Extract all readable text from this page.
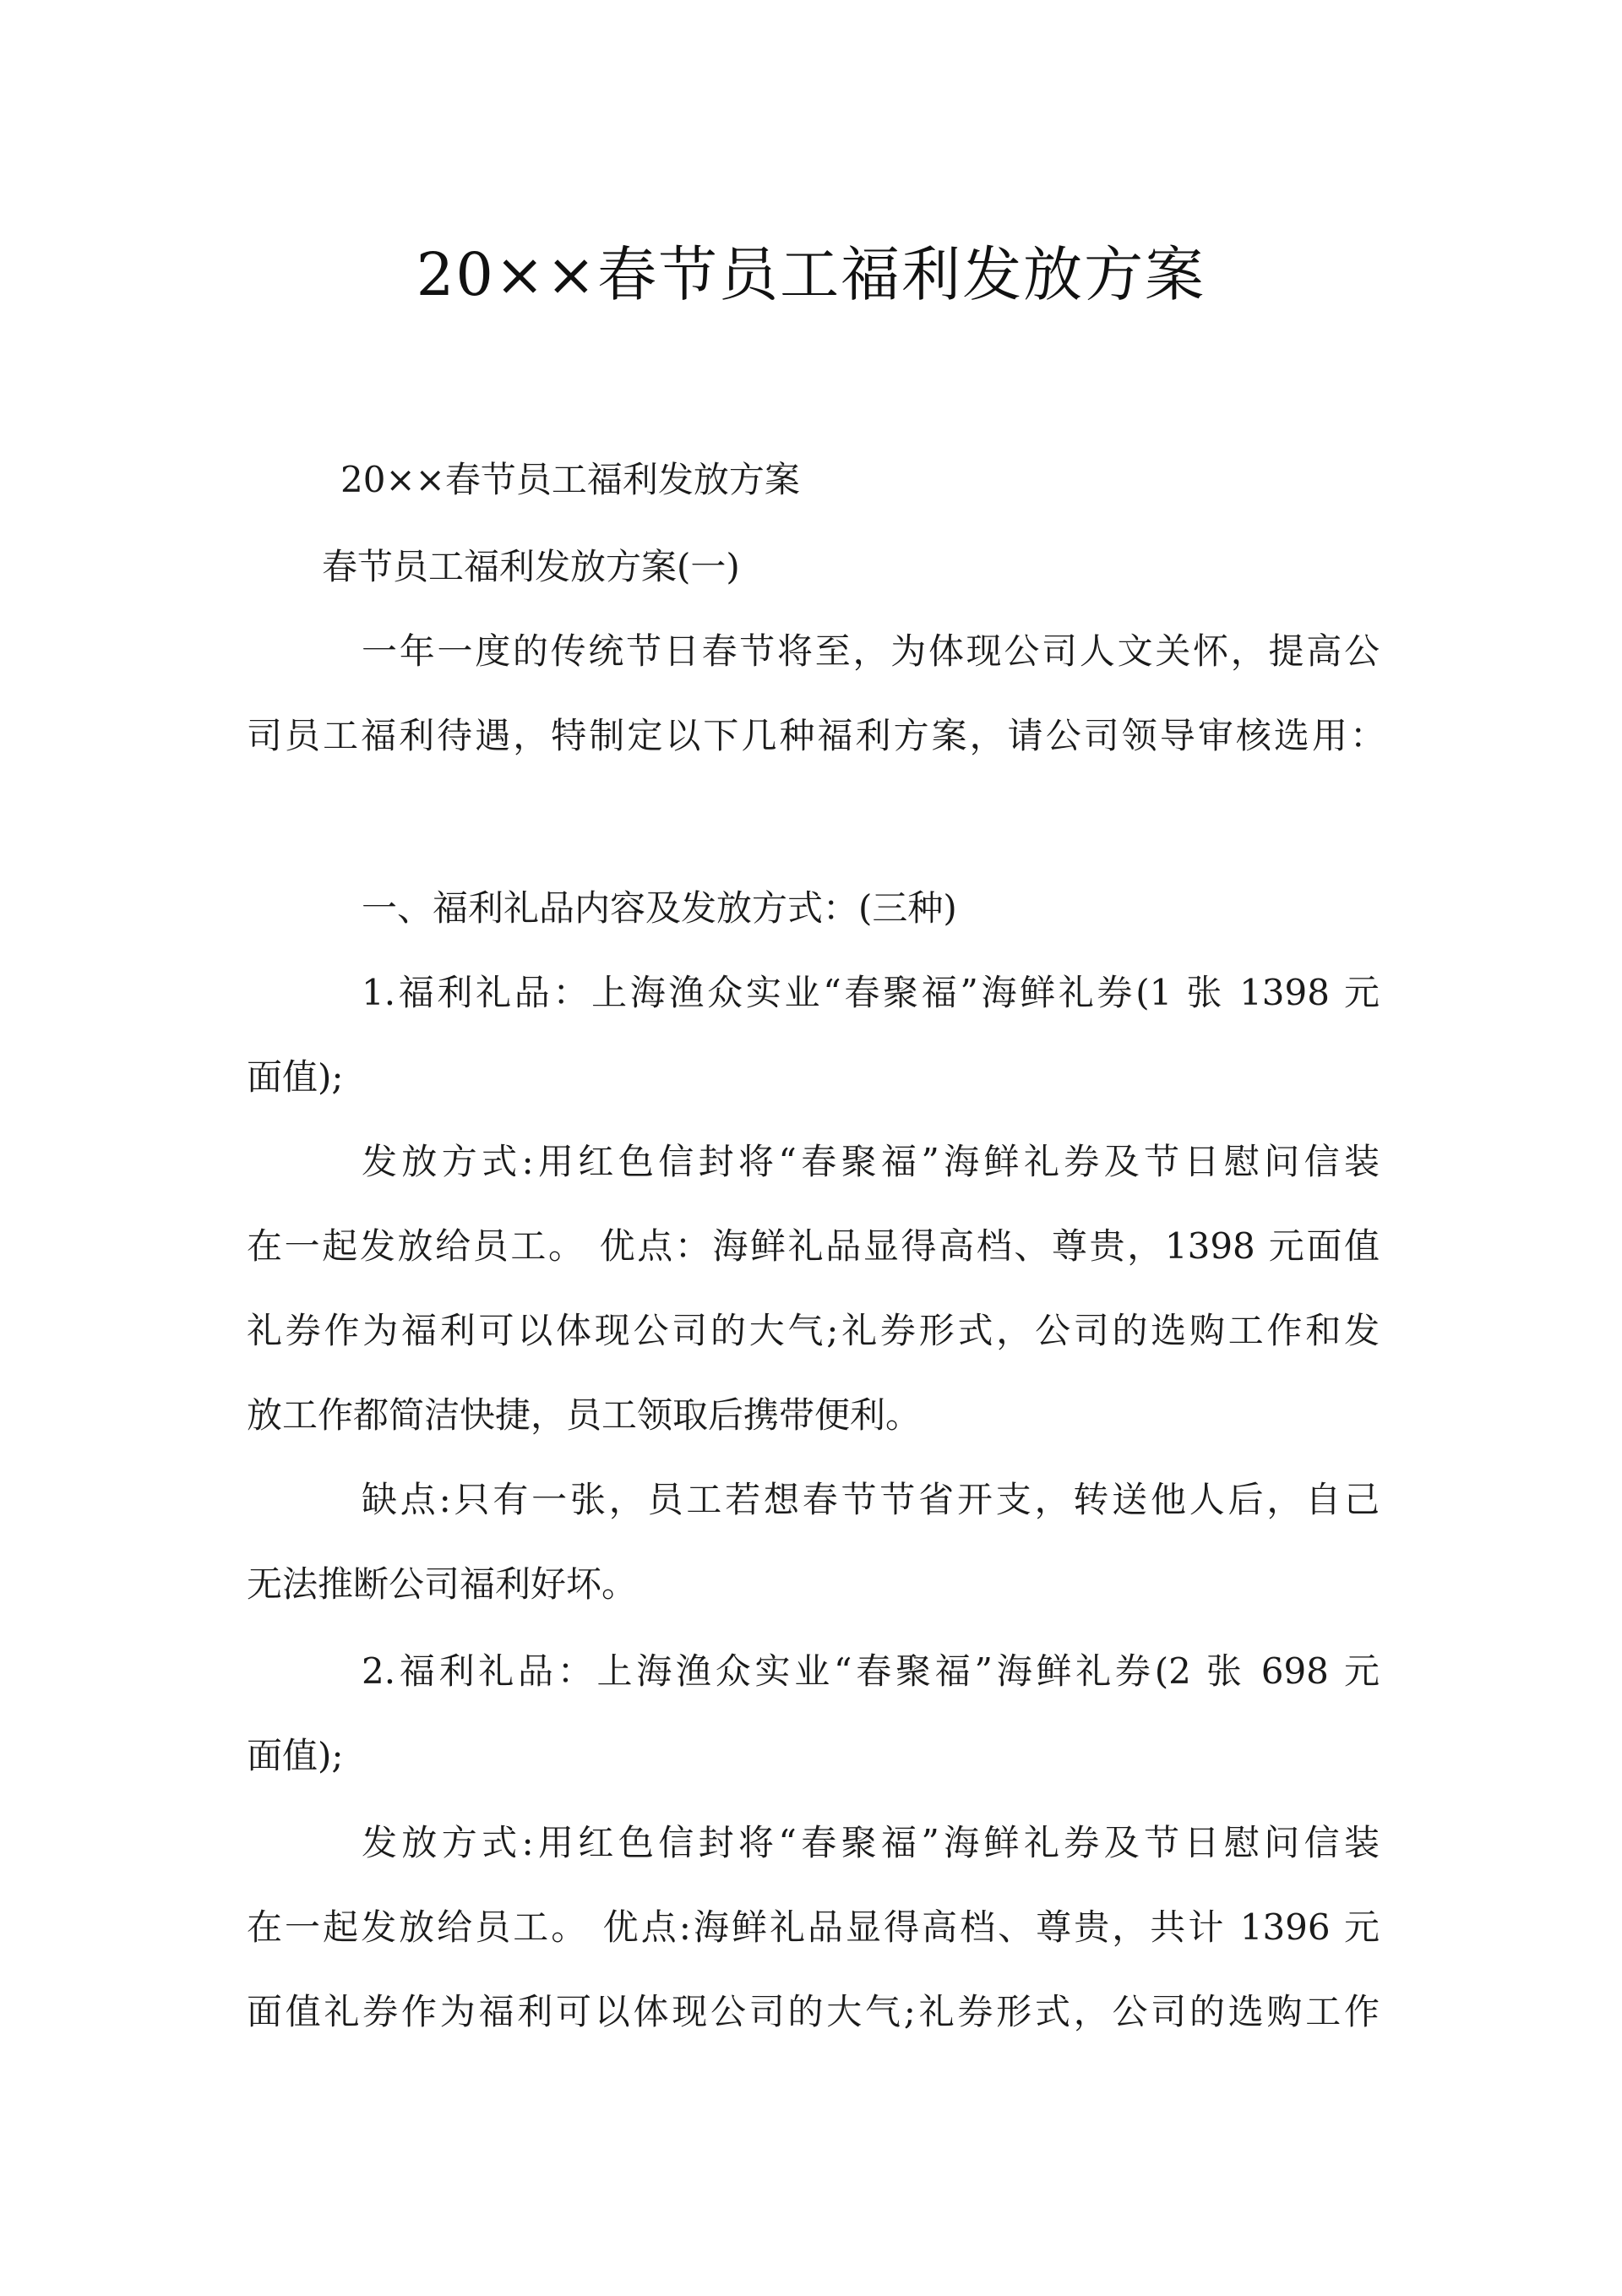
20××春节员工福利发放方案
20××春节员工福利发放方案
春节员工福利发放方案(一)
一年一度的传统节日春节将至，为体现公司人文关怀，提高公
司员工福利待遇，特制定以下几种福利方案，请公司领导审核选用：
一、福利礼品内容及发放方式：(三种)
1.福利礼品：上海渔众实业“春聚福”海鲜礼券(1 张 1398 元
面值);
发放方式:用红色信封将“春聚福”海鲜礼券及节日慰问信装
在一起发放给员工。 优点：海鲜礼品显得高档、尊贵，1398 元面值
礼券作为福利可以体现公司的大气;礼券形式，公司的选购工作和发
放工作都简洁快捷，员工领取后携带便利。
缺点:只有一张，员工若想春节节省开支，转送他人后，自己
无法推断公司福利好坏。
2.福利礼品：上海渔众实业“春聚福”海鲜礼券(2 张 698 元
面值);
发放方式:用红色信封将“春聚福”海鲜礼券及节日慰问信装
在一起发放给员工。 优点:海鲜礼品显得高档、尊贵，共计 1396 元
面值礼券作为福利可以体现公司的大气;礼券形式，公司的选购工作
